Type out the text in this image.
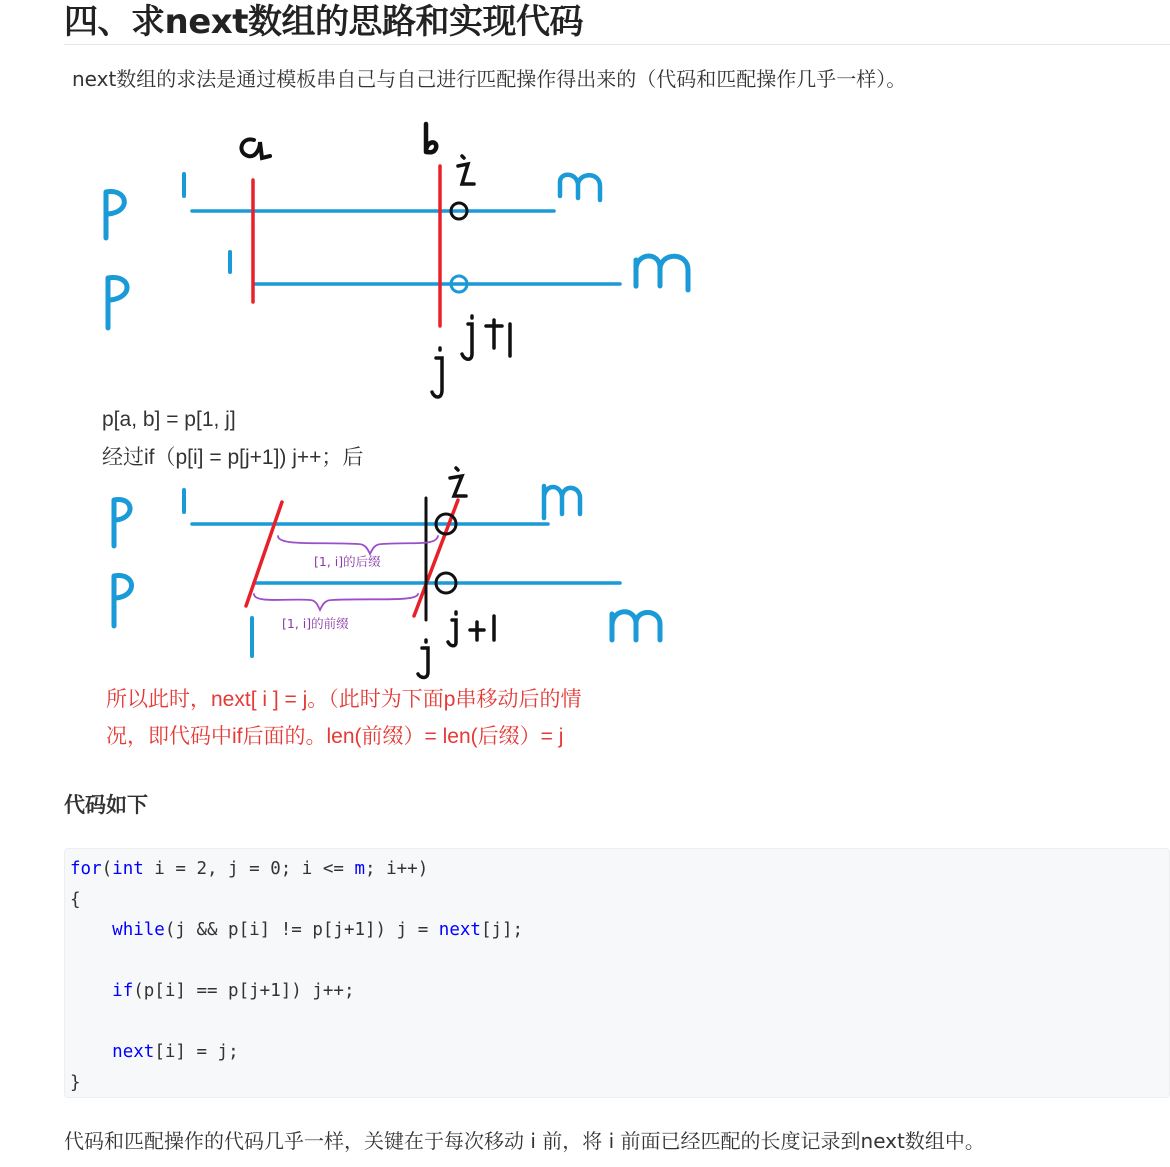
四、求next数组的思路和实现代码
next数组的求法是通过模板串自己与自己进行匹配操作得出来的（代码和匹配操作几乎一样）。
p[a, b] = p[1, j]
经过if（p[i] = p[j+1]) j++；后
[1, i]的后缀
[1, i]的前缀
所以此时，next[ i ] = j。（此时为下面p串移动后的情
况，即代码中if后面的。len(前缀）= len(后缀）= j
代码如下
for(int i = 2, j = 0; i <= m; i++)
{
while(j && p[i] != p[j+1]) j = next[j];
if(p[i] == p[j+1]) j++;
next[i] = j;
}
代码和匹配操作的代码几乎一样，关键在于每次移动 i 前，将 i 前面已经匹配的长度记录到next数组中。
